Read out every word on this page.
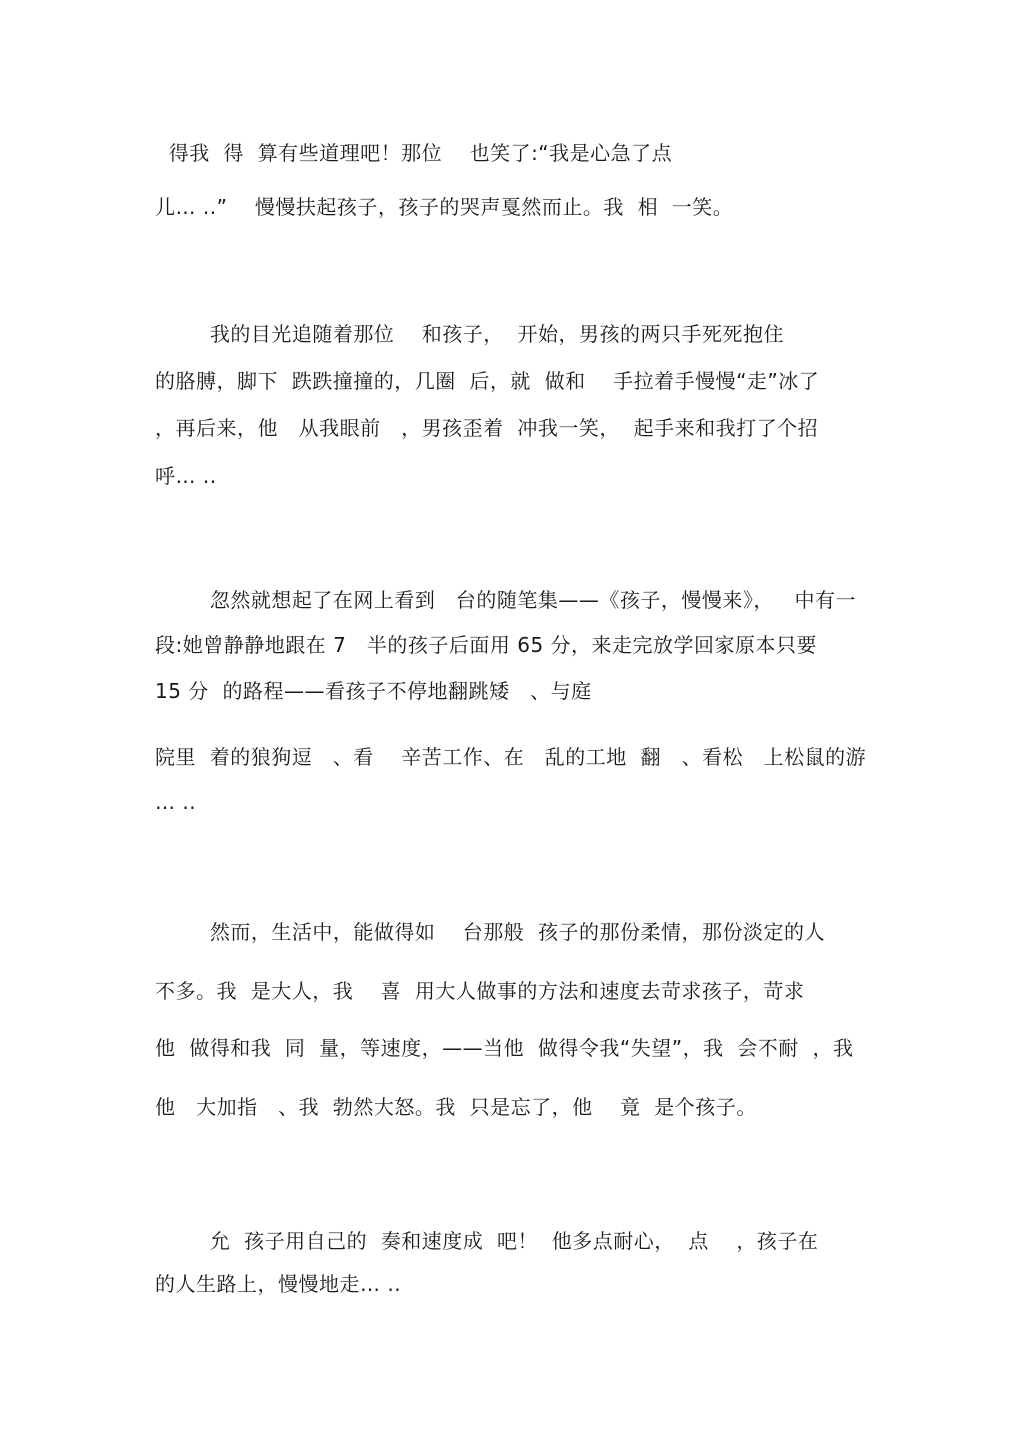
得我  得  算有些道理吧！那位    也笑了:“我是心急了点
儿… ..”    慢慢扶起孩子，孩子的哭声戛然而止。我  相  一笑。
我的目光追随着那位    和孩子，  开始，男孩的两只手死死抱住
的胳膊，脚下  跌跌撞撞的，几圈  后，就  做和    手拉着手慢慢“走”冰了
，再后来，他   从我眼前   ，男孩歪着  冲我一笑，  起手来和我打了个招
呼… ..
忽然就想起了在网上看到   台的随笔集——《孩子，慢慢来》，   中有一
段:她曾静静地跟在 7   半的孩子后面用 65 分，来走完放学回家原本只要
15 分  的路程——看孩子不停地翻跳矮   、与庭
院里  着的狼狗逗   、看    辛苦工作、在   乱的工地  翻   、看松   上松鼠的游
… ..
然而，生活中，能做得如    台那般  孩子的那份柔情，那份淡定的人
不多。我  是大人，我    喜  用大人做事的方法和速度去苛求孩子，苛求
他  做得和我  同  量，等速度，——当他  做得令我“失望”，我  会不耐  ，我
他   大加指   、我  勃然大怒。我  只是忘了，他    竟  是个孩子。
允  孩子用自己的  奏和速度成  吧！  他多点耐心，  点    ，孩子在
的人生路上，慢慢地走… ..
